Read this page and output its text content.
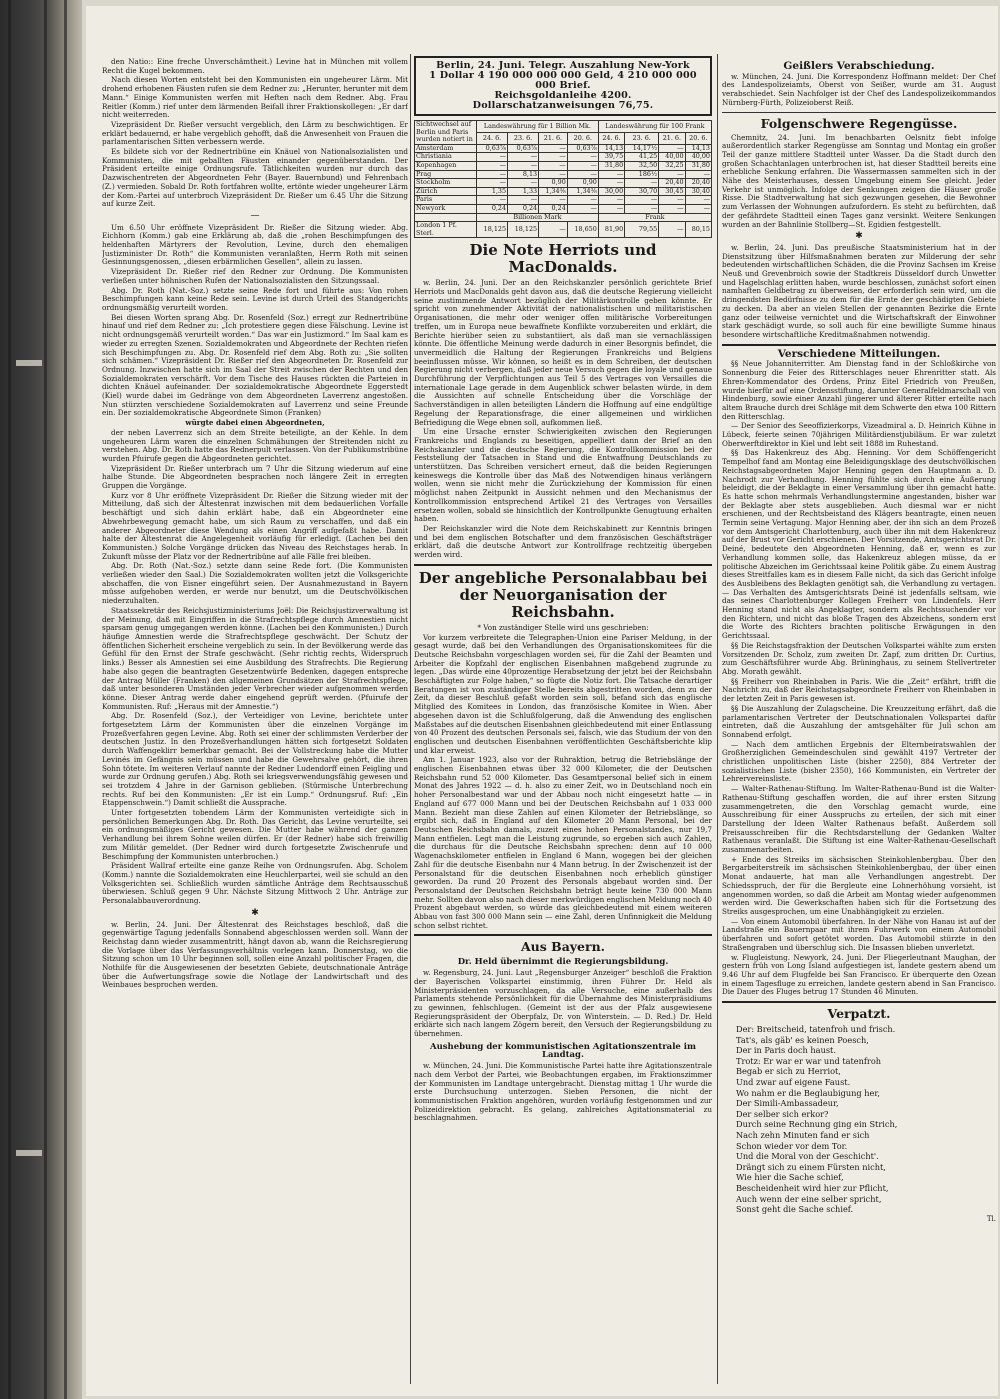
den Natio:: Eine freche Unverschämtheit.) Levine hat in München mit vollem Recht die Kugel bekommen.

Nach diesen Worten entsteht bei den Kommunisten ein ungeheurer Lärm. Mit drohend erhobenen Fäusten rufen sie dem Redner zu: „Herunter, herunter mit dem Mann.“ Einige Kommunisten werfen mit Heften nach dem Redner. Abg. Frau Reitler (Komm.) rief unter dem lärmenden Beifall ihrer Fraktionskollegen: „Er darf nicht weiterreden.

Vizepräsident Dr. Rießer versucht vergeblich, den Lärm zu beschwichtigen. Er erklärt bedauernd, er habe vergeblich gehofft, daß die Anwesenheit von Frauen die parlamentarischen Sitten verbessern werde.

Es bildete sich vor der Rednertribüne ein Knäuel von Nationalsozialisten und Kommunisten, die mit geballten Fäusten einander gegenüberstanden. Der Präsident erteilte einige Ordnungsrufe. Tätlichkeiten wurden nur durch das Dazwischentreten der Abgeordneten Fehr (Bayer. Bauernbund) und Fehrenbach (Z.) vermieden. Sobald Dr. Roth fortfahren wollte, ertönte wieder ungeheurer Lärm der Kom.-Partei auf unterbroch Vizepräsident Dr. Rießer um 6.45 Uhr die Sitzung auf kurze Zeit.

—

Um 6.50 Uhr eröffnete Vizepräsident Dr. Rießer die Sitzung wieder. Abg. Eichhorn (Komm.) gab eine Erklärung ab, daß die „rohen Beschimpfungen des heldenhaften Märtyrers der Revolution, Levine, durch den ehemaligen Justizminister Dr. Roth“ die Kommunisten veranlaßten, Herrn Roth mit seinen Gesinnungsgenossen, „diesen erbärmlichen Gesellen“, allein zu lassen.

Vizepräsident Dr. Rießer rief den Redner zur Ordnung. Die Kommunisten verließen unter höhnischen Rufen der Nationalsozialisten den Sitzungssaal.

Abg. Dr. Roth (Nat.-Soz.) setzte seine Rede fort und führte aus: Von rohen Beschimpfungen kann keine Rede sein. Levine ist durch Urteil des Standgerichts ordnungsmäßig verurteilt worden.

Bei diesen Worten sprang Abg. Dr. Rosenfeld (Soz.) erregt zur Rednertribüne hinauf und rief dem Redner zu: „Ich protestiere gegen diese Fälschung. Levine ist nicht ordnungsgemäß verurteilt worden.“ Das war ein Justizmord.“ Im Saal kam es wieder zu erregten Szenen. Sozialdemokraten und Abgeordnete der Rechten riefen sich Beschimpfungen zu. Abg. Dr. Rosenfeld rief dem Abg. Roth zu: „Sie sollten sich schämen.“ Vizepräsident Dr. Rießer rief den Abgeordneten Dr. Rosenfeld zur Ordnung. Inzwischen hatte sich im Saal der Streit zwischen der Rechten und den Sozialdemokraten verschärft. Vor dem Tische des Hauses rückten die Parteien in dichten Knäuel aufeinander. Der sozialdemokratische Abgeordnete Eggerstedt (Kiel) wurde dabei im Gedränge von dem Abgeordneten Laverrenz angestoßen. Nun stürzten verschiedene Sozialdemokraten auf Laverrenz und seine Freunde ein. Der sozialdemokratische Abgeordnete Simon (Franken)

würgte dabei einen Abgeordneten,

der neben Laverrenz sich an dem Streite beteiligte, an der Kehle. In dem ungeheuren Lärm waren die einzelnen Schmähungen der Streitenden nicht zu verstehen. Abg. Dr. Roth hatte das Rednerpult verlassen. Von der Publikumstribüne wurden Pfuirufe gegen die Abgeordneten gerichtet.

Vizepräsident Dr. Rießer unterbrach um 7 Uhr die Sitzung wiederum auf eine halbe Stunde. Die Abgeordneten besprachen noch längere Zeit in erregten Gruppen die Vorgänge.

Kurz vor 8 Uhr eröffnete Vizepräsident Dr. Rießer die Sitzung wieder mit der Mitteilung, daß sich der Ältestenrat inzwischen mit dem bedauerlichen Vorfalle beschäftigt und sich dahin erklärt habe, daß ein Abgeordneter eine Abwehrbewegung gemacht habe, um sich Raum zu verschaffen, und daß ein anderer Abgeordneter diese Wendung als einen Angriff aufgefaßt habe. Damit halte der Ältestenrat die Angelegenheit vorläufig für erledigt. (Lachen bei den Kommunisten.) Solche Vorgänge drücken das Niveau des Reichstages herab. In Zukunft müsse der Platz vor der Rednertribüne auf alle Fälle frei bleiben.

Abg. Dr. Roth (Nat.-Soz.) setzte dann seine Rede fort. (Die Kommunisten verließen wieder den Saal.) Die Sozialdemokraten wollten jetzt die Volksgerichte abschaffen, die von Eisner eingeführt seien. Der Ausnahmezustand in Bayern müsse aufgehoben werden, er werde nur benutzt, um die Deutschvölkischen niederzuhalten.

Staatssekretär des Reichsjustizministeriums Joël: Die Reichsjustizverwaltung ist der Meinung, daß mit Eingriffen in die Strafrechtspflege durch Amnestien nicht sparsam genug umgegangen werden könne. (Lachen bei den Kommunisten.) Durch häufige Amnestien werde die Strafrechtspflege geschwächt. Der Schutz der öffentlichen Sicherheit erscheine vergeblich zu sein. In der Bevölkerung werde das Gefühl für den Ernst der Strafe geschwächt. (Sehr richtig rechts, Widerspruch links.) Besser als Amnestien sei eine Ausbildung des Strafrechts. Die Regierung habe also gegen die beantragten Gesetzentwürfe Bedenken, dagegen entspreche der Antrag Müller (Franken) den allgemeinen Grundsätzen der Strafrechtspflege, daß unter besonderen Umständen jeder Verbrecher wieder aufgenommen werden könne. Dieser Antrag werde daher eingehend geprüft werden. (Pfuirufe der Kommunisten. Ruf: „Heraus mit der Amnestie.“)

Abg. Dr. Rosenfeld (Soz.), der Verteidiger von Levine, berichtete unter fortgesetztem Lärm der Kommunisten über die einzelnen Vorgänge im Prozeßverfahren gegen Levine. Abg. Roth sei einer der schlimmsten Verderber der deutschen Justiz. In den Prozeßverhandlungen hätten sich fortgesetzt Soldaten durch Waffengeklirr bemerkbar gemacht. Bei der Vollstreckung habe die Mutter Levinés im Gefängnis sein müssen und habe die Gewehrsalve gehört, die ihren Sohn tötete. Im weiteren Verlauf nannte der Redner Ludendorff einen Feigling und wurde zur Ordnung gerufen.) Abg. Roth sei kriegsverwendungsfähig gewesen und sei trotzdem 4 Jahre in der Garnison geblieben. (Stürmische Unterbrechung rechts. Ruf bei den Kommunisten: „Er ist ein Lump.“ Ordnungsruf. Ruf: „Ein Etappenschwein.“) Damit schließt die Aussprache.

Unter fortgesetzten tobendem Lärm der Kommunisten verteidigte sich in persönlichen Bemerkungen Abg. Dr. Roth. Das Gericht, das Levine verurteilte, sei ein ordnungsmäßiges Gericht gewesen. Die Mutter habe während der ganzen Verhandlung bei ihrem Sohne weilen dürfen. Er (der Redner) habe sich freiwillig zum Militär gemeldet. (Der Redner wird durch fortgesetzte Zwischenrufe und Beschimpfung der Kommunisten unterbrochen.)

Präsident Wallraf erteilte eine ganze Reihe von Ordnungsrufen. Abg. Scholem (Komm.) nannte die Sozialdemokraten eine Heuchlerpartei, weil sie schuld an den Volksgerichten sei. Schließlich wurden sämtliche Anträge dem Rechtsausschuß überwiesen. Schluß gegen 9 Uhr. Nächste Sitzung Mittwoch 2 Uhr. Anträge zur Personalabbauverordnung.

✱

w. Berlin, 24. Juni. Der Ältestenrat des Reichstages beschloß, daß die gegenwärtige Tagung jedenfalls Sonnabend abgeschlossen werden soll. Wann der Reichstag dann wieder zusammentritt, hängt davon ab, wann die Reichsregierung die Vorlage über das Verfassungsverhältnis vorlegen kann. Donnerstag, wo die Sitzung schon um 10 Uhr beginnen soll, sollen eine Anzahl politischer Fragen, die Nothilfe für die Ausgewiesenen der besetzten Gebiete, deutschnationale Anträge über die Aufwertungsfrage sowie die Notlage der Landwirtschaft und des Weinbaues besprochen werden.

Berlin, 24. Juni. Telegr. Auszahlung New-York
1 Dollar 4 190 000 000 000 Geld, 4 210 000 000 000 Brief.
Reichsgoldanleihe 4200.
Dollarschatzanweisungen 76,75.
Sichtwechsel auf Berlin und Paris wurden notiert in	Landeswährung für 1 Billion Mk.				Landeswährung für 100 Frank			
	24. 6.	23. 6.	21. 6.	20. 6.	24. 6.	23. 6.	21. 6.	20. 6.
Amsterdam	0,63⅞	0,63⅞	—	0,63⅞	14,13	14,17½	—	14,13
Christiania	—	—	—	—	39,75	41,25	40,00	40,00
Kopenhagen	—	—	—	—	31,80	32,50	32,25	31,80
Prag	—	8,13	—	—	—	186½	—	—
Stockholm	—	—	0,90	0,90	—	—	20,40	20,40
Zürich	1,35	1,33	1,34⅜	1,34⅜	30,00	30,70	30,45	30,40
Paris	—	—	—	—	—	—	—	—
Newyork	0,24	0,24	0,24	—	—	—	—	—
	Billionen Mark				Frank			
London 1 Pf. Sterl.	18,125	18,125	—	18,650	81,90	79,55	—	80,15
Die Note Herriots und MacDonalds.

w. Berlin, 24. Juni. Der an den Reichskanzler persönlich gerichtete Brief Herriots und MacDonalds geht davon aus, daß die deutsche Regierung vielleicht seine zustimmende Antwort bezüglich der Militärkontrolle geben könnte. Er spricht von zunehmender Aktivität der nationalistischen und militaristischen Organisationen, die mehr oder weniger offen militärische Vorbereitungen treffen, um in Europa neue bewaffnete Konflikte vorzubereiten und erklärt, die Berichte hierüber seien zu substantiiert, als daß man sie vernachlässigen könnte. Die öffentliche Meinung werde dadurch in einer Besorgnis befindet, die unvermeidlich die Haltung der Regierungen Frankreichs und Belgiens beeinflussen müsse. Wir können, so heißt es in dem Schreiben, der deutschen Regierung nicht verbergen, daß jeder neue Versuch gegen die loyale und genaue Durchführung der Verpflichtungen aus Teil 5 des Vertrages von Versailles die internationale Lage gerade in dem Augenblick schwer belasten würde, in dem die Aussichten auf schnelle Entscheidung über die Vorschläge der Sachverständigen in allen beteiligten Ländern die Hoffnung auf eine endgültige Regelung der Reparationsfrage, die einer allgemeinen und wirklichen Befriedigung die Wege ebnen soll, aufkommen ließ.

Um eine Ursache ernster Schwierigkeiten zwischen den Regierungen Frankreichs und Englands zu beseitigen, appelliert dann der Brief an den Reichskanzler und die deutsche Regierung, die Kontrollkommission bei der Feststellung der Tatsachen in Stand und die Entwaffnung Deutschlands zu unterstützen. Das Schreiben versichert erneut, daß die beiden Regierungen keineswegs die Kontrolle über das Maß des Notwendigen hinaus verlängern wollen, wenn sie nicht mehr die Zurückziehung der Kommission für einen möglichst nahen Zeitpunkt in Aussicht nehmen und den Mechanismus der Kontrollkommission entsprechend Artikel 21 des Vertrages von Versailles ersetzen wollen, sobald sie hinsichtlich der Kontrollpunkte Genugtuung erhalten haben.

Der Reichskanzler wird die Note dem Reichskabinett zur Kenntnis bringen und bei dem englischen Botschafter und dem französischen Geschäftsträger erklärt, daß die deutsche Antwort zur Kontrollfrage rechtzeitig übergeben werden wird.

Der angebliche Personalabbau bei der Neuorganisation der Reichsbahn.

* Von zuständiger Stelle wird uns geschrieben:

Vor kurzem verbreitete die Telegraphen-Union eine Pariser Meldung, in der gesagt wurde, daß bei den Verhandlungen des Organisationskomitees für die Deutsche Reichsbahn vorgeschlagen worden sei, für die Zahl der Beamten und Arbeiter die Kopfzahl der englischen Eisenbahnen maßgebend zugrunde zu legen. „Das würde eine 40prozentige Herabsetzung der jetzt bei der Reichsbahn Beschäftigten zur Folge haben,“ so fügte die Notiz fort. Die Tatsache derartiger Beratungen ist von zuständiger Stelle bereits abgestritten worden, denn zu der Zeit, da dieser Beschluß gefaßt worden sein soll, befand sich das englische Mitglied des Komitees in London, das französische Komitee in Wien. Aber abgesehen davon ist die Schlußfolgerung, daß die Anwendung des englischen Maßstabes auf die deutschen Eisenbahnen gleichbedeutend mit einer Entlassung von 40 Prozent des deutschen Personals sei, falsch, wie das Studium der von den englischen und deutschen Eisenbahnen veröffentlichten Geschäftsberichte klip und klar erweist.

Am 1. Januar 1923, also vor der Ruhraktion, betrug die Betriebslänge der englischen Eisenbahnen etwas über 32 000 Kilometer, die der Deutschen Reichsbahn rund 52 000 Kilometer. Das Gesamtpersonal belief sich in einem Monat des Jahres 1922 — d. h. also zu einer Zeit, wo in Deutschland noch ein hoher Personalbestand war und der Abbau noch nicht eingesetzt hatte — in England auf 677 000 Mann und bei der Deutschen Reichsbahn auf 1 033 000 Mann. Bezieht man diese Zahlen auf einen Kilometer der Betriebslänge, so ergibt sich, daß in England auf den Kilometer 20 Mann Personal, bei der Deutschen Reichsbahn damals, zuzeit eines hohen Personalstandes, nur 19,7 Mann entfielen. Legt man die Leistung zugrunde, so ergeben sich auch Zahlen, die durchaus für die Deutsche Reichsbahn sprechen: denn auf 10 000 Wagenachskilometer entfielen in England 6 Mann, wogegen bei der gleichen Zahl für die deutsche Eisenbahn nur 4 Mann betrug. In der Zwischenzeit ist der Personalstand für die deutschen Eisenbahnen noch erheblich günstiger geworden. Da rund 20 Prozent des Personals abgebaut worden sind. Der Personalstand der Deutschen Reichsbahn beträgt heute keine 730 000 Mann mehr. Sollten davon also nach dieser merkwürdigen englischen Meldung noch 40 Prozent abgebaut werden, so würde das gleichbedeutend mit einem weiteren Abbau von fast 300 000 Mann sein — eine Zahl, deren Unfinnigkeit die Meldung schon selbst richtet.

Aus Bayern.
Dr. Held übernimmt die Regierungsbildung.

w. Regensburg, 24. Juni. Laut „Regensburger Anzeiger“ beschloß die Fraktion der Bayerischen Volkspartei einstimmig, ihren Führer Dr. Held als Ministerpräsidenten vorzuschlagen, da alle Versuche, eine außerhalb des Parlaments stehende Persönlichkeit für die Übernahme des Ministerpräsidiums zu gewinnen, fehlschlugen. (Gemeint ist der aus der Pfalz ausgewiesene Regierungspräsident der Oberpfalz, Dr. von Winterstein. — D. Red.) Dr. Held erklärte sich nach langem Zögern bereit, den Versuch der Regierungsbildung zu übernehmen.

Aushebung der kommunistischen Agitationszentrale im Landtag.

w. München, 24. Juni. Die Kommunistische Partei hatte ihre Agitationszentrale nach dem Verbot der Partei, wie Beobachtungen ergaben, im Fraktionszimmer der Kommunisten im Landtage untergebracht. Dienstag mittag 1 Uhr wurde die erste Durchsuchung unterzogen. Sieben Personen, die nicht der kommunistischen Fraktion angehören, wurden vorläufig festgenommen und zur Polizeidirektion gebracht. Es gelang, zahlreiches Agitationsmaterial zu beschlagnahmen.

Geißlers Verabschiedung.

w. München, 24. Juni. Die Korrespondenz Hoffmann meldet: Der Chef des Landespolizeiamts, Oberst von Seißer, wurde am 31. August verabschiedet. Sein Nachfolger ist der Chef des Landespolizeikommandos Nürnberg-Fürth, Polizeioberst Reiß.

Folgenschwere Regengüsse.

Chemnitz, 24. Juni. Im benachbarten Oelsnitz fiebt infolge außerordentlich starker Regengüsse am Sonntag und Montag ein großer Teil der ganze mittlere Stadtteil unter Wasser. Da die Stadt durch den großen Schachtanlagen unterbrochen ist, hat dieser Stadtteil bereits eine erhebliche Senkung erfahren. Die Wassermassen sammelten sich in der Nähe des Meisterhauses, dessen Umgebung einem See gleicht. Jeder Verkehr ist unmöglich. Infolge der Senkungen zeigen die Häuser große Risse. Die Stadtverwaltung hat sich gezwungen gesehen, die Bewohner zum Verlassen der Wohnungen aufzufordern. Es steht zu befürchten, daß der gefährdete Stadtteil einen Tages ganz versinkt. Weitere Senkungen wurden an der Bahnlinie Stollberg—St. Egidien festgestellt.

✱

w. Berlin, 24. Juni. Das preußische Staatsministerium hat in der Dienstsitzung über Hilfsmaßnahmen beraten zur Milderung der sehr bedeutenden wirtschaftlichen Schäden, die die Provinz Sachsen im Kreise Neuß und Grevenbroich sowie der Stadtkreis Düsseldorf durch Unwetter und Hagelschlag erlitten haben, wurde beschlossen, zunächst sofort einen namhaften Geldbetrag zu überweisen, der erforderlich sein wird, um die dringendsten Bedürfnisse zu dem für die Ernte der geschädigten Gebiete zu decken. Da aber an vielen Stellen der genannten Bezirke die Ernte ganz oder teilweise vernichtet und die Wirtschaftskraft der Einwohner stark geschädigt wurde, so soll auch für eine bewilligte Summe hinaus besondere wirtschaftliche Kreditmaßnahmen notwendig.

Verschiedene Mitteilungen.

§§ Neue Johanniterritter. Am Dienstag fand in der Schloßkirche von Sonnenburg die Feier des Ritterschlages neuer Ehrenritter statt. Als Ehren-Kommendator des Ordens, Prinz Eitel Friedrich von Preußen, wurde hierfür auf eine Ordensstiftung, darunter Generalfeldmarschall von Hindenburg, sowie einer Anzahl jüngerer und älterer Ritter erteilte nach altem Brauche durch drei Schläge mit dem Schwerte den etwa 100 Rittern den Ritterschlag.

— Der Senior des Seeoffizierkorps, Vizeadmiral a. D. Heinrich Kühne in Lübeck, feierte seinen 70jährigen Militärdienstjubiläum. Er war zuletzt Oberwerftdirektor in Kiel und lebt seit 1888 im Ruhestand.

§§ Das Hakenkreuz des Abg. Henning. Vor dem Schöffengericht Tempelhof fand am Montag eine Beleidigungsklage des deutschvölkischen Reichstagsabgeordneten Major Henning gegen den Hauptmann a. D. Nachrodt zur Verhandlung. Henning fühlte sich durch eine Äußerung beleidigt, die der Beklagte in einer Versammlung über ihn gemacht hatte. Es hatte schon mehrmals Verhandlungstermine angestanden, bisher war der Beklagte aber stets ausgeblieben. Auch diesmal war er nicht erschienen, und der Rechtsbeistand des Klägers beantragte, einen neuen Termin seine Vertagung. Major Henning aber, der ihn sich an dem Prozeß vor dem Amtsgericht Charlottenburg, auch über ihn mit dem Hakenkreuz auf der Brust vor Gericht erschienen. Der Vorsitzende, Amtsgerichtsrat Dr. Deiné, bedeutete den Abgeordneten Henning, daß er, wenn es zur Verhandlung kommen solle, das Hakenkreuz ablegen müsse, da er politische Abzeichen im Gerichtssaal keine Politik gäbe. Zu einem Austrag dieses Streitfalles kam es in diesem Falle nicht, da sich das Gericht infolge des Ausbleibens des Beklagten genötigt sah, die Verhandlung zu vertagen. — Das Verhalten des Amtsgerichtsrats Deiné ist jedenfalls seltsam, wie das seines Charlottenburger Kollegen Freiherr von Lindenfels. Herr Henning stand nicht als Angeklagter, sondern als Rechtssuchender vor den Richtern, und nicht das bloße Tragen des Abzeichens, sondern erst die Worte des Richters brachten politische Erwägungen in den Gerichtssaal.

§§ Die Reichstagsfraktion der Deutschen Volkspartei wählte zum ersten Vorsitzenden Dr. Scholz, zum zweiten Dr. Zapf, zum dritten Dr. Curtius, zum Geschäftsführer wurde Abg. Brüninghaus, zu seinem Stellvertreter Abg. Morath gewählt.

§§ Freiherr von Rheinbaben in Paris. Wie die „Zeit“ erfährt, trifft die Nachricht zu, daß der Reichstagsabgeordnete Freiherr von Rheinbaben in der letzten Zeit in Paris gewesen ist.

§§ Die Auszahlung der Zulagscheine. Die Kreuzzeitung erfährt, daß die parlamentarischen Vertreter der Deutschnationalen Volkspartei dafür eintreten, daß die Auszahlung der amtsgehälter für Juli schon am Sonnabend erfolgt.

— Nach dem amtlichen Ergebnis der Elternbeiratswahlen der Großherziglichen Gemeindeschulen sind gewählt 4197 Vertreter der christlichen unpolitischen Liste (bisher 2250), 884 Vertreter der sozialistischen Liste (bisher 2350), 166 Kommunisten, ein Vertreter der Lehrervereinsliste.

— Walter-Rathenau-Stiftung. Im Walter-Rathenau-Bund ist die Walter-Rathenau-Stiftung geschaffen worden, die auf ihrer ersten Sitzung zusammengetreten, die den Vorschlag gemacht wurde, eine Ausschreibung für einer Ausspruchs zu erteilen, der sich mit einer Darstellung der Ideen Walter Rathenaus befaßt. Außerdem soll Preisausschreiben für die Rechtsdarstellung der Gedanken Walter Rathenaus veranlaßt. Die Stiftung ist eine Walter-Rathenau-Gesellschaft zusammenarbeiten.

+ Ende des Streiks im sächsischen Steinkohlenbergbau. Über den Bergarbeiterstreik im sächsischen Steinkohlenbergbau, der über einen Monat andauerte, hat man alle Verhandlungen angestrebt. Der Schiedsspruch, der für die Bergleute eine Lohnerhöhung vorsieht, ist angenommen worden, so daß die Arbeit am Montag wieder aufgenommen werden wird. Die Gewerkschaften haben sich für die Fortsetzung des Streiks ausgesprochen, um eine Unabhängigkeit zu erzielen.

— Von einem Automobil überfahren. In der Nähe von Hanau ist auf der Landstraße ein Bauernpaar mit ihrem Fuhrwerk von einem Automobil überfahren und sofort getötet worden. Das Automobil stürzte in den Straßengraben und überschlug sich. Die Insassen blieben unverletzt.

w. Flugleistung. Newyork, 24. Juni. Der Fliegerleutnant Maughan, der gestern früh von Long Island aufgestiegen ist, landete gestern abend um 9.46 Uhr auf dem Flugfelde bei San Francisco. Er überquerte den Ozean in einem Tagesfluge zu erreichen, landete gestern abend in San Francisco. Die Dauer des Fluges betrug 17 Stunden 46 Minuten.

Verpatzt.

Der: Breitscheid, tatenfroh und frisch.

Tat's, als gäb' es keinen Poesch,

Der in Paris doch haust.

Trotz: Er war er war und tatenfroh

Begab er sich zu Herriot,

Und zwar auf eigene Faust.

Wo nahm er die Beglaubigung her,

Der Simili-Ambassadeur,

Der selber sich erkor?

Durch seine Rechnung ging ein Strich,

Nach zehn Minuten fand er sich

Schon wieder vor dem Tor.

Und die Moral von der Geschicht'.

Drängt sich zu einem Fürsten nicht,

Wie hier die Sache schief,

Bescheidenheit wird hier zur Pflicht,

Auch wenn der eine selber spricht,

Sonst geht die Sache schief.

Tl.
